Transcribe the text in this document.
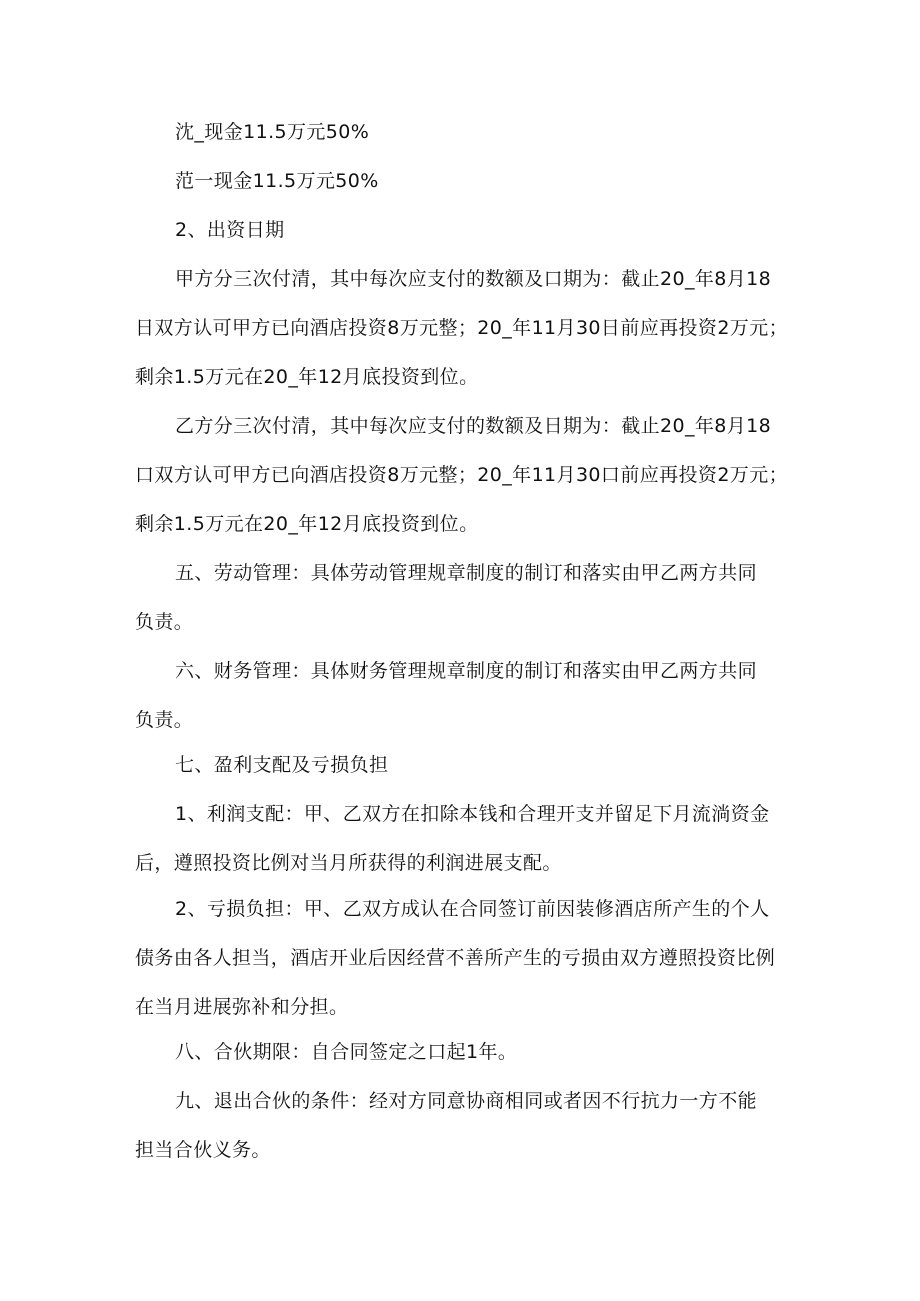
沈_现金11.5万元50%

范一现金11.5万元50%

2、出资日期

甲方分三次付清，其中每次应支付的数额及口期为：截止20_年8月18
日双方认可甲方已向酒店投资8万元整；20_年11月30日前应再投资2万元；
剩余1.5万元在20_年12月底投资到位。

乙方分三次付清，其中每次应支付的数额及日期为：截止20_年8月18
口双方认可甲方已向酒店投资8万元整；20_年11月30口前应再投资2万元；
剩余1.5万元在20_年12月底投资到位。

五、劳动管理：具体劳动管理规章制度的制订和落实由甲乙两方共同
负责。

六、财务管理：具体财务管理规章制度的制订和落实由甲乙两方共同
负责。

七、盈利支配及亏损负担

1、利润支配：甲、乙双方在扣除本钱和合理开支并留足下月流淌资金
后，遵照投资比例对当月所获得的利润进展支配。

2、亏损负担：甲、乙双方成认在合同签订前因装修酒店所产生的个人
债务由各人担当，酒店开业后因经营不善所产生的亏损由双方遵照投资比例
在当月进展弥补和分担。

八、合伙期限：自合同签定之口起1年。

九、退出合伙的条件：经对方同意协商相同或者因不行抗力一方不能
担当合伙义务。
